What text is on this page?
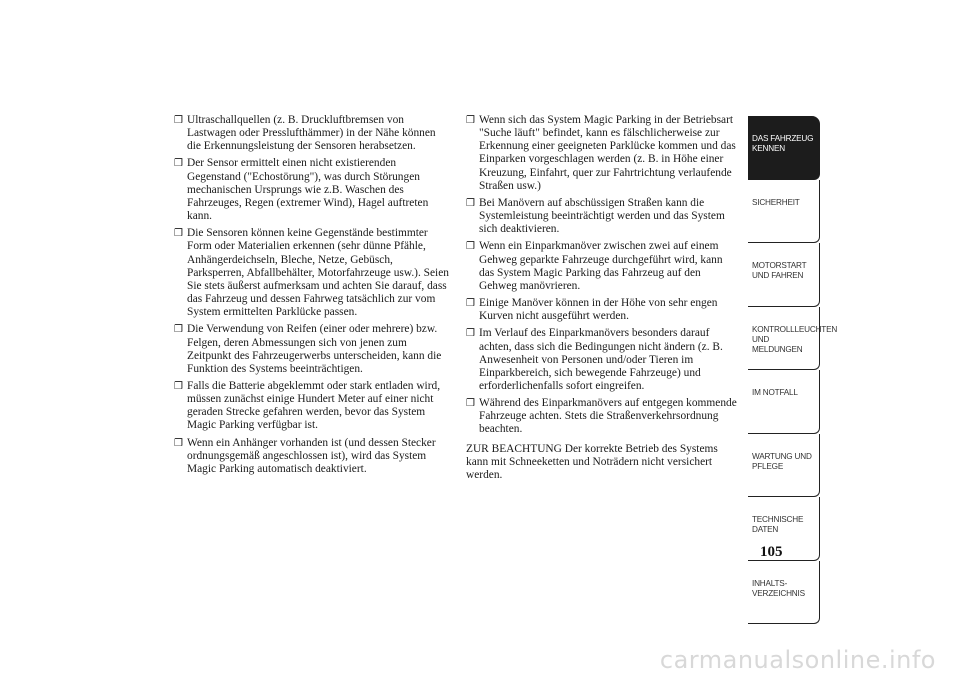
❒ Ultraschallquellen (z. B. Druckluftbremsen von Lastwagen oder Presslufthämmer) in der Nähe können die Erkennungsleistung der Sensoren herabsetzen.
❒ Der Sensor ermittelt einen nicht existierenden Gegenstand ("Echostörung"), was durch Störungen mechanischen Ursprungs wie z.B. Waschen des Fahrzeuges, Regen (extremer Wind), Hagel auftreten kann.
❒ Die Sensoren können keine Gegenstände bestimmter Form oder Materialien erkennen (sehr dünne Pfähle, Anhängerdeichseln, Bleche, Netze, Gebüsch, Parksperren, Abfallbehälter, Motorfahrzeuge usw.). Seien Sie stets äußerst aufmerksam und achten Sie darauf, dass das Fahrzeug und dessen Fahrweg tatsächlich zur vom System ermittelten Parklücke passen.
❒ Die Verwendung von Reifen (einer oder mehrere) bzw. Felgen, deren Abmessungen sich von jenen zum Zeitpunkt des Fahrzeugerwerbs unterscheiden, kann die Funktion des Systems beeinträchtigen.
❒ Falls die Batterie abgeklemmt oder stark entladen wird, müssen zunächst einige Hundert Meter auf einer nicht geraden Strecke gefahren werden, bevor das System Magic Parking verfügbar ist.
❒ Wenn ein Anhänger vorhanden ist (und dessen Stecker ordnungsgemäß angeschlossen ist), wird das System Magic Parking automatisch deaktiviert.
❒ Wenn sich das System Magic Parking in der Betriebsart "Suche läuft" befindet, kann es fälschlicherweise zur Erkennung einer geeigneten Parklücke kommen und das Einparken vorgeschlagen werden (z. B. in Höhe einer Kreuzung, Einfahrt, quer zur Fahrtrichtung verlaufende Straßen usw.)
❒ Bei Manövern auf abschüssigen Straßen kann die Systemleistung beeinträchtigt werden und das System sich deaktivieren.
❒ Wenn ein Einparkmanöver zwischen zwei auf einem Gehweg geparkte Fahrzeuge durchgeführt wird, kann das System Magic Parking das Fahrzeug auf den Gehweg manövrieren.
❒ Einige Manöver können in der Höhe von sehr engen Kurven nicht ausgeführt werden.
❒ Im Verlauf des Einparkmanövers besonders darauf achten, dass sich die Bedingungen nicht ändern (z. B. Anwesenheit von Personen und/oder Tieren im Einparkbereich, sich bewegende Fahrzeuge) und erforderlichenfalls sofort eingreifen.
❒ Während des Einparkmanövers auf entgegen kommende Fahrzeuge achten. Stets die Straßenverkehrsordnung beachten.
ZUR BEACHTUNG Der korrekte Betrieb des Systems kann mit Schneeketten und Noträdern nicht versichert werden.
DAS FAHRZEUG KENNEN
SICHERHEIT
MOTORSTART UND FAHREN
KONTROLLLEUCHTEN UND MELDUNGEN
IM NOTFALL
WARTUNG UND PFLEGE
TECHNISCHE DATEN
INHALTS-VERZEICHNIS
105
carmanualsonline.info
